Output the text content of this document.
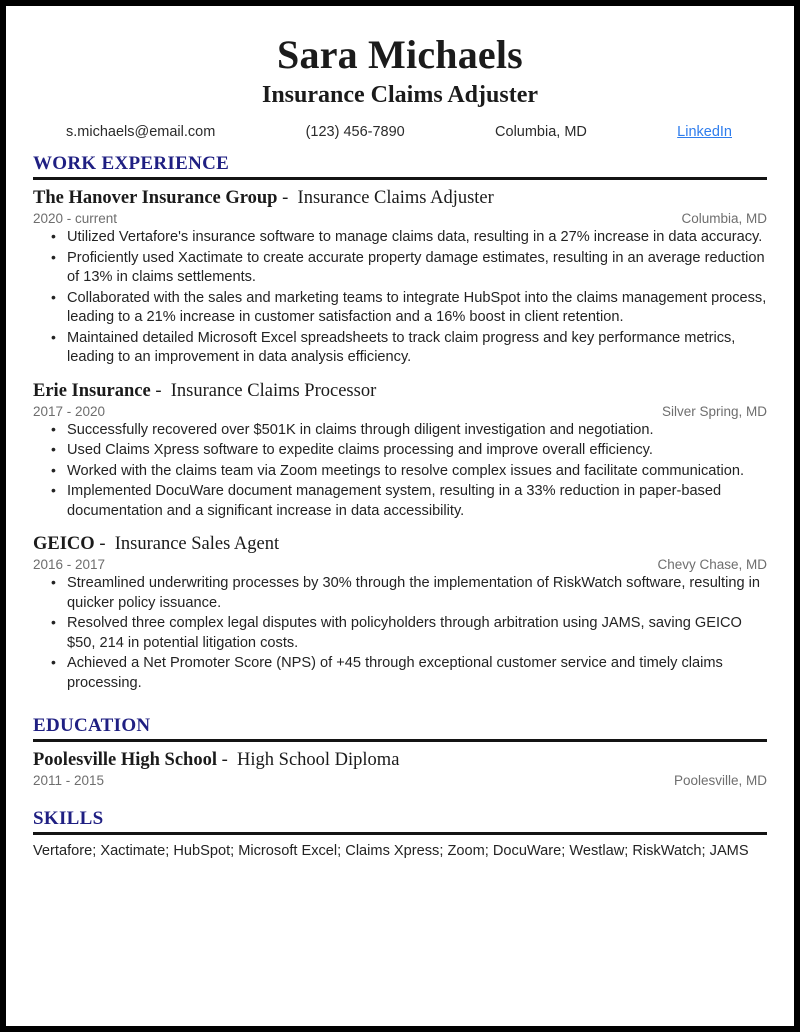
Sara Michaels
Insurance Claims Adjuster
s.michaels@email.com	(123) 456-7890	Columbia, MD	LinkedIn
WORK EXPERIENCE
The Hanover Insurance Group - Insurance Claims Adjuster
2020 - current	Columbia, MD
• Utilized Vertafore's insurance software to manage claims data, resulting in a 27% increase in data accuracy.
• Proficiently used Xactimate to create accurate property damage estimates, resulting in an average reduction of 13% in claims settlements.
• Collaborated with the sales and marketing teams to integrate HubSpot into the claims management process, leading to a 21% increase in customer satisfaction and a 16% boost in client retention.
• Maintained detailed Microsoft Excel spreadsheets to track claim progress and key performance metrics, leading to an improvement in data analysis efficiency.
Erie Insurance - Insurance Claims Processor
2017 - 2020	Silver Spring, MD
• Successfully recovered over $501K in claims through diligent investigation and negotiation.
• Used Claims Xpress software to expedite claims processing and improve overall efficiency.
• Worked with the claims team via Zoom meetings to resolve complex issues and facilitate communication.
• Implemented DocuWare document management system, resulting in a 33% reduction in paper-based documentation and a significant increase in data accessibility.
GEICO - Insurance Sales Agent
2016 - 2017	Chevy Chase, MD
• Streamlined underwriting processes by 30% through the implementation of RiskWatch software, resulting in quicker policy issuance.
• Resolved three complex legal disputes with policyholders through arbitration using JAMS, saving GEICO $50, 214 in potential litigation costs.
• Achieved a Net Promoter Score (NPS) of +45 through exceptional customer service and timely claims processing.
EDUCATION
Poolesville High School - High School Diploma
2011 - 2015	Poolesville, MD
SKILLS
Vertafore; Xactimate; HubSpot; Microsoft Excel; Claims Xpress; Zoom; DocuWare; Westlaw; RiskWatch; JAMS
